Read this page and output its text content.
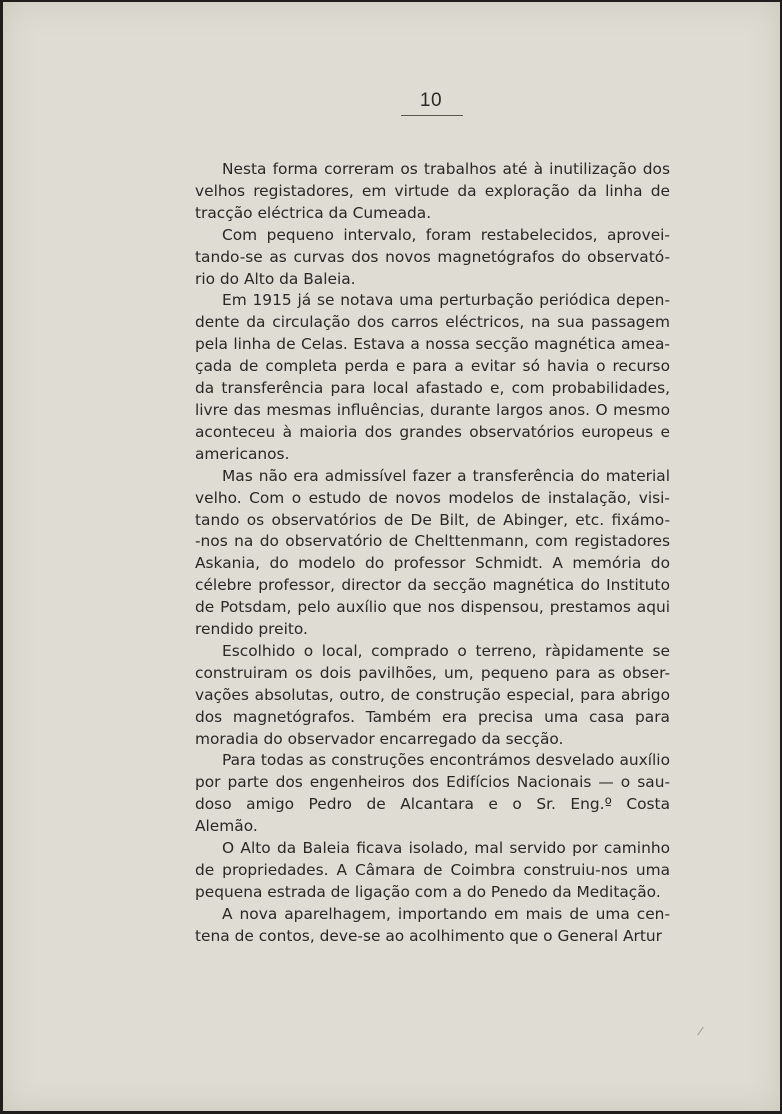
10

Nesta forma correram os trabalhos até à inutilização dos
velhos registadores, em virtude da exploração da linha de
tracção eléctrica da Cumeada.

Com pequeno intervalo, foram restabelecidos, aprovei-
tando-se as curvas dos novos magnetógrafos do observató-
rio do Alto da Baleia.

Em 1915 já se notava uma perturbação periódica depen-
dente da circulação dos carros eléctricos, na sua passagem
pela linha de Celas. Estava a nossa secção magnética amea-
çada de completa perda e para a evitar só havia o recurso
da transferência para local afastado e, com probabilidades,
livre das mesmas influências, durante largos anos. O mesmo
aconteceu à maioria dos grandes observatórios europeus e
americanos.

Mas não era admissível fazer a transferência do material
velho. Com o estudo de novos modelos de instalação, visi-
tando os observatórios de De Bilt, de Abinger, etc. fixámo-
-nos na do observatório de Chelttenmann, com registadores
Askania, do modelo do professor Schmidt. A memória do
célebre professor, director da secção magnética do Instituto
de Potsdam, pelo auxílio que nos dispensou, prestamos aqui
rendido preito.

Escolhido o local, comprado o terreno, ràpidamente se
construiram os dois pavilhões, um, pequeno para as obser-
vações absolutas, outro, de construção especial, para abrigo
dos magnetógrafos. Também era precisa uma casa para
moradia do observador encarregado da secção.

Para todas as construções encontrámos desvelado auxílio
por parte dos engenheiros dos Edifícios Nacionais — o sau-
doso amigo Pedro de Alcantara e o Sr. Eng.º Costa
Alemão.

O Alto da Baleia ficava isolado, mal servido por caminho
de propriedades. A Câmara de Coimbra construiu-nos uma
pequena estrada de ligação com a do Penedo da Meditação.

A nova aparelhagem, importando em mais de uma cen-
tena de contos, deve-se ao acolhimento que o General Artur
